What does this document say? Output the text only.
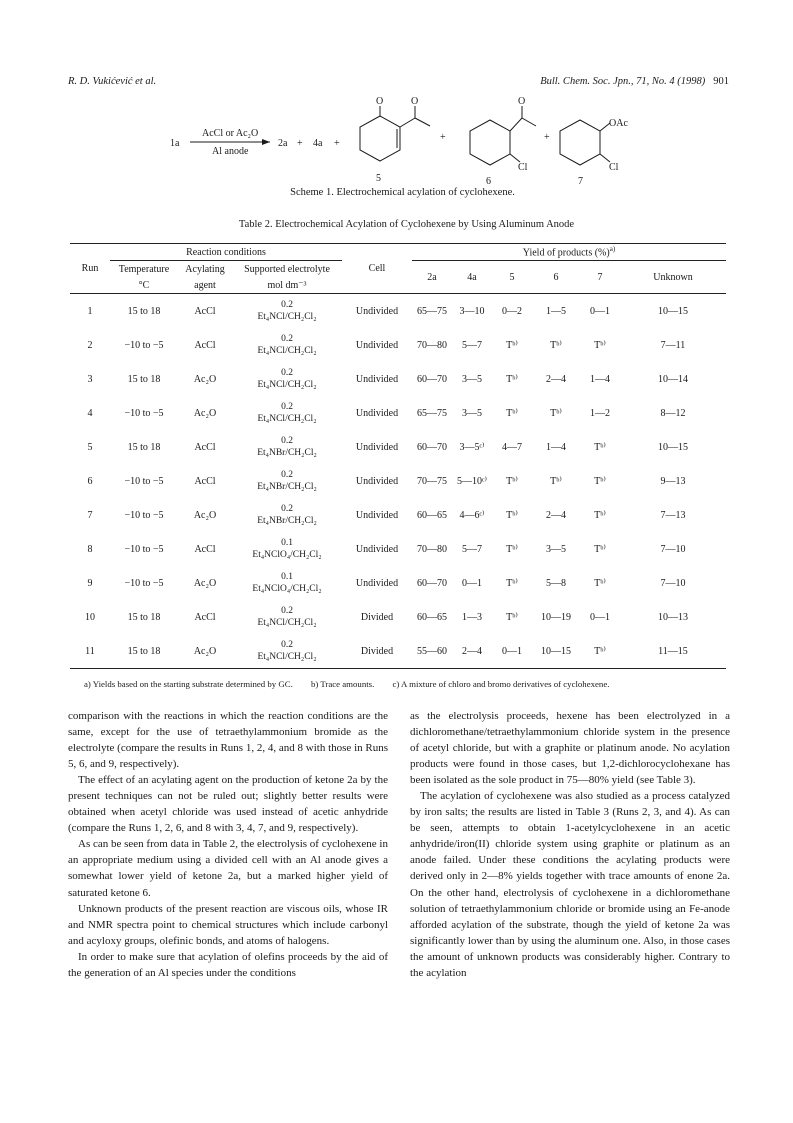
R. D. Vukićević et al.	Bull. Chem. Soc. Jpn., 71, No. 4 (1998) 901
1a
AcCl or Ac₂O
Al anode
2a + 4a +
O	O
+
O
Cl
+
OAc
Cl
5	6	7
Scheme 1. Electrochemical acylation of cyclohexene.
Table 2. Electrochemical Acylation of Cyclohexene by Using Aluminum Anode
Run	Reaction conditions			Cell	Yield of products (%)$^{a)}$
	Temperature	Acylating	Supported electrolyte		2a	4a	5	6	7	Unknown
	°C	agent	mol dm⁻³							
1	15 to 18	AcCl	0.2
Et₄NCl/CH₂Cl₂	Undivided	65—75	3—10	0—2	1—5	0—1	10—15
2	−10 to −5	AcCl	0.2
Et₄NCl/CH₂Cl₂	Undivided	70—80	5—7	Tᵇ⁾	Tᵇ⁾	Tᵇ⁾	7—11
3	15 to 18	Ac₂O	0.2
Et₄NCl/CH₂Cl₂	Undivided	60—70	3—5	Tᵇ⁾	2—4	1—4	10—14
4	−10 to −5	Ac₂O	0.2
Et₄NCl/CH₂Cl₂	Undivided	65—75	3—5	Tᵇ⁾	Tᵇ⁾	1—2	8—12
5	15 to 18	AcCl	0.2
Et₄NBr/CH₂Cl₂	Undivided	60—70	3—5ᶜ⁾	4—7	1—4	Tᵇ⁾	10—15
6	−10 to −5	AcCl	0.2
Et₄NBr/CH₂Cl₂	Undivided	70—75	5—10ᶜ⁾	Tᵇ⁾	Tᵇ⁾	Tᵇ⁾	9—13
7	−10 to −5	Ac₂O	0.2
Et₄NBr/CH₂Cl₂	Undivided	60—65	4—6ᶜ⁾	Tᵇ⁾	2—4	Tᵇ⁾	7—13
8	−10 to −5	AcCl	0.1
Et₄NClO₄/CH₂Cl₂	Undivided	70—80	5—7	Tᵇ⁾	3—5	Tᵇ⁾	7—10
9	−10 to −5	Ac₂O	0.1
Et₄NClO₄/CH₂Cl₂	Undivided	60—70	0—1	Tᵇ⁾	5—8	Tᵇ⁾	7—10
10	15 to 18	AcCl	0.2
Et₄NCl/CH₂Cl₂	Divided	60—65	1—3	Tᵇ⁾	10—19	0—1	10—13
11	15 to 18	Ac₂O	0.2
Et₄NCl/CH₂Cl₂	Divided	55—60	2—4	0—1	10—15	Tᵇ⁾	11—15
a) Yields based on the starting substrate determined by GC. b) Trace amounts. c) A mixture of chloro and bromo derivatives of cyclohexene.

comparison with the reactions in which the reaction conditions are the same, except for the use of tetraethylammonium bromide as the electrolyte (compare the results in Runs 1, 2, 4, and 8 with those in Runs 5, 6, and 9, respectively).

The effect of an acylating agent on the production of ketone 2a by the present techniques can not be ruled out; slightly better results were obtained when acetyl chloride was used instead of acetic anhydride (compare the Runs 1, 2, 6, and 8 with 3, 4, 7, and 9, respectively).

As can be seen from data in Table 2, the electrolysis of cyclohexene in an appropriate medium using a divided cell with an Al anode gives a somewhat lower yield of ketone 2a, but a marked higher yield of saturated ketone 6.

Unknown products of the present reaction are viscous oils, whose IR and NMR spectra point to chemical structures which include carbonyl and acyloxy groups, olefinic bonds, and atoms of halogens.

In order to make sure that acylation of olefins proceeds by the aid of the generation of an Al species under the conditions

as the electrolysis proceeds, hexene has been electrolyzed in a dichloromethane/tetraethylammonium chloride system in the presence of acetyl chloride, but with a graphite or platinum anode. No acylation products were found in those cases, but 1,2-dichlorocyclohexane has been isolated as the sole product in 75—80% yield (see Table 3).

The acylation of cyclohexene was also studied as a process catalyzed by iron salts; the results are listed in Table 3 (Runs 2, 3, and 4). As can be seen, attempts to obtain 1-acetylcyclohexene in an acetic anhydride/iron(II) chloride system using graphite or platinum as an anode failed. Under these conditions the acylating products were derived only in 2—8% yields together with trace amounts of enone 2a. On the other hand, electrolysis of cyclohexene in a dichloromethane solution of tetraethylammonium chloride or bromide using an Fe-anode afforded acylation of the substrate, though the yield of ketone 2a was significantly lower than by using the aluminum one. Also, in those cases the amount of unknown products was considerably higher. Contrary to the acylation
